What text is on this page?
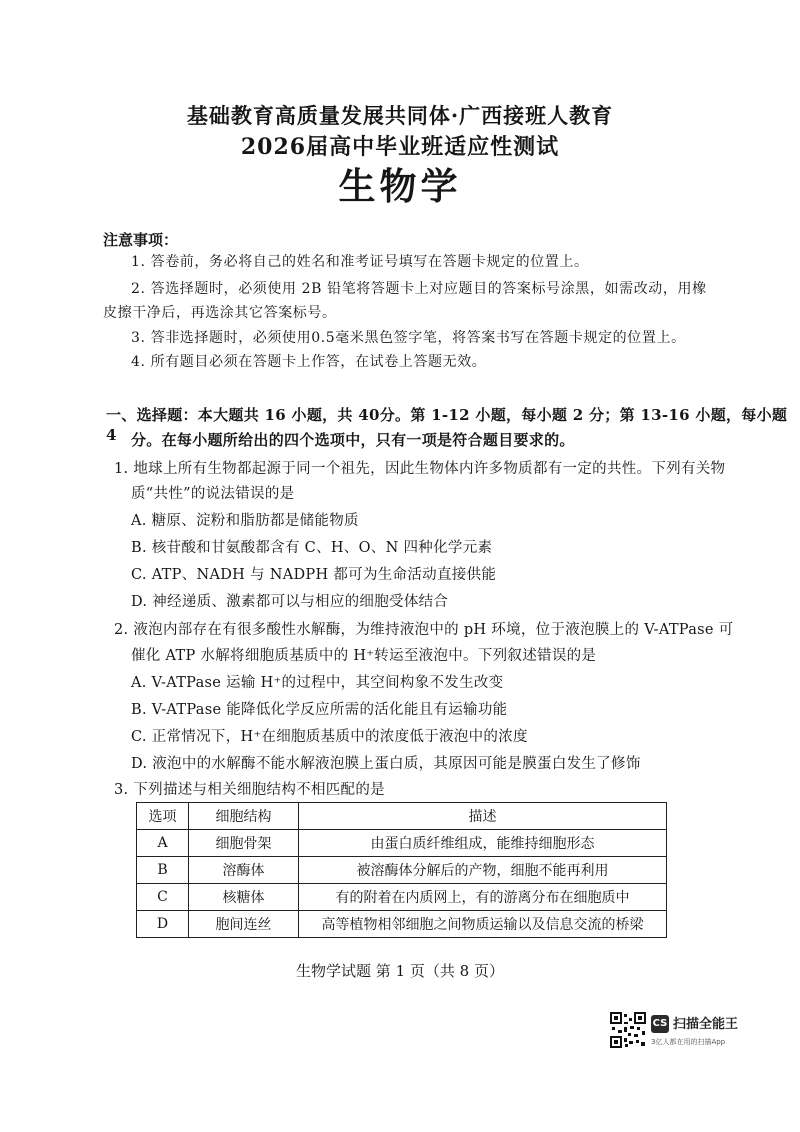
基础教育高质量发展共同体·广西接班人教育
2026届高中毕业班适应性测试
生物学
注意事项：
1. 答卷前，务必将自己的姓名和准考证号填写在答题卡规定的位置上。
2. 答选择题时，必须使用 2B 铅笔将答题卡上对应题目的答案标号涂黑，如需改动，用橡
皮擦干净后，再选涂其它答案标号。
3. 答非选择题时，必须使用0.5毫米黑色签字笔，将答案书写在答题卡规定的位置上。
4. 所有题目必须在答题卡上作答，在试卷上答题无效。
一、选择题：本大题共 16 小题，共 40分。第 1-12 小题，每小题 2 分；第 13-16 小题，每小题 4 分。在每小题所给出的四个选项中，只有一项是符合题目要求的。
1. 地球上所有生物都起源于同一个祖先，因此生物体内许多物质都有一定的共性。下列有关物
质“共性”的说法错误的是
A. 糖原、淀粉和脂肪都是储能物质
B. 核苷酸和甘氨酸都含有 C、H、O、N 四种化学元素
C. ATP、NADH 与 NADPH 都可为生命活动直接供能
D. 神经递质、激素都可以与相应的细胞受体结合
2. 液泡内部存在有很多酸性水解酶，为维持液泡中的 pH 环境，位于液泡膜上的 V-ATPase 可
催化 ATP 水解将细胞质基质中的 H⁺转运至液泡中。下列叙述错误的是
A. V-ATPase 运输 H⁺的过程中，其空间构象不发生改变
B. V-ATPase 能降低化学反应所需的活化能且有运输功能
C. 正常情况下，H⁺在细胞质基质中的浓度低于液泡中的浓度
D. 液泡中的水解酶不能水解液泡膜上蛋白质，其原因可能是膜蛋白发生了修饰
3. 下列描述与相关细胞结构不相匹配的是
选项	细胞结构	描述
A	细胞骨架	由蛋白质纤维组成，能维持细胞形态
B	溶酶体	被溶酶体分解后的产物，细胞不能再利用
C	核糖体	有的附着在内质网上，有的游离分布在细胞质中
D	胞间连丝	高等植物相邻细胞之间物质运输以及信息交流的桥梁
生物学试题 第 1 页（共 8 页）
CS 扫描全能王
3亿人都在用的扫描App
